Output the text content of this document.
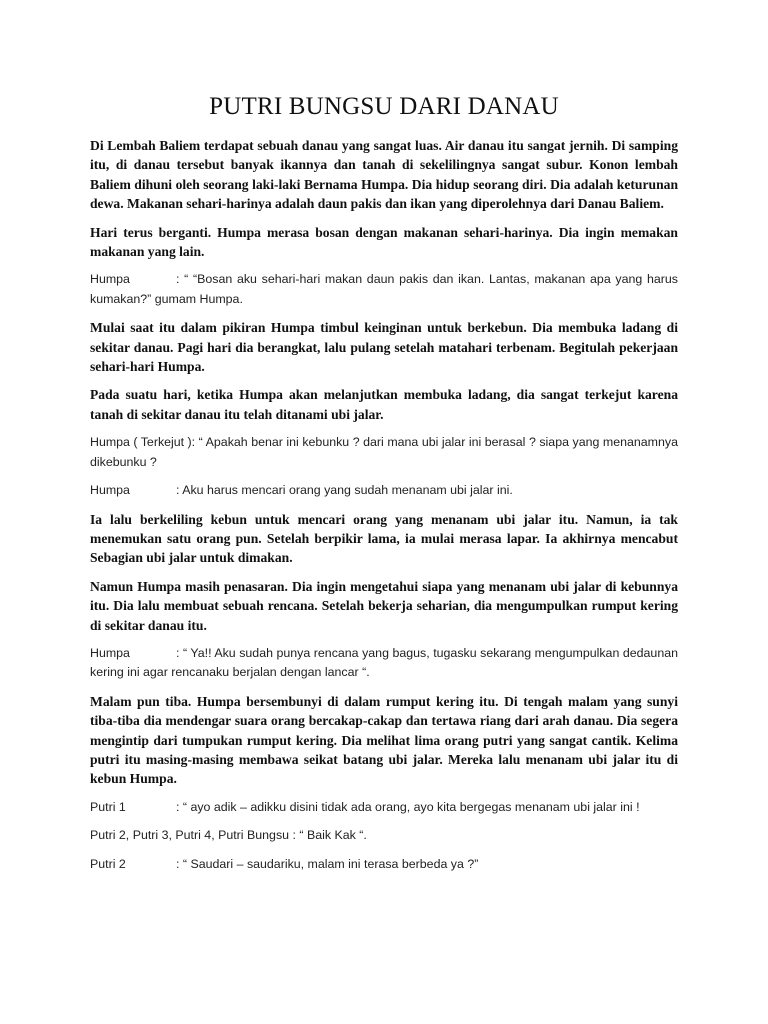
PUTRI BUNGSU DARI DANAU

Di Lembah Baliem terdapat sebuah danau yang sangat luas. Air danau itu sangat jernih. Di samping itu, di danau tersebut banyak ikannya dan tanah di sekelilingnya sangat subur. Konon lembah Baliem dihuni oleh seorang laki-laki Bernama Humpa. Dia hidup seorang diri. Dia adalah keturunan dewa. Makanan sehari-harinya adalah daun pakis dan ikan yang diperolehnya dari Danau Baliem.

Hari terus berganti. Humpa merasa bosan dengan makanan sehari-harinya. Dia ingin memakan makanan yang lain.

Humpa	: “ “Bosan aku sehari-hari makan daun pakis dan ikan. Lantas, makanan apa yang harus kumakan?” gumam Humpa.

Mulai saat itu dalam pikiran Humpa timbul keinginan untuk berkebun. Dia membuka ladang di sekitar danau. Pagi hari dia berangkat, lalu pulang setelah matahari terbenam. Begitulah pekerjaan sehari-hari Humpa.

Pada suatu hari, ketika Humpa akan melanjutkan membuka ladang, dia sangat terkejut karena tanah di sekitar danau itu telah ditanami ubi jalar.

Humpa ( Terkejut ): “ Apakah benar ini kebunku ? dari mana ubi jalar ini berasal ? siapa yang menanamnya dikebunku ?

Humpa	: Aku harus mencari orang yang sudah menanam ubi jalar ini.

Ia lalu berkeliling kebun untuk mencari orang yang menanam ubi jalar itu. Namun, ia tak menemukan satu orang pun. Setelah berpikir lama, ia mulai merasa lapar. Ia akhirnya mencabut Sebagian ubi jalar untuk dimakan.

Namun Humpa masih penasaran. Dia ingin mengetahui siapa yang menanam ubi jalar di kebunnya itu. Dia lalu membuat sebuah rencana. Setelah bekerja seharian, dia mengumpulkan rumput kering di sekitar danau itu.

Humpa	: “ Ya!! Aku sudah punya rencana yang bagus, tugasku sekarang mengumpulkan dedaunan kering ini agar rencanaku berjalan dengan lancar “.

Malam pun tiba. Humpa bersembunyi di dalam rumput kering itu. Di tengah malam yang sunyi tiba-tiba dia mendengar suara orang bercakap-cakap dan tertawa riang dari arah danau. Dia segera mengintip dari tumpukan rumput kering. Dia melihat lima orang putri yang sangat cantik. Kelima putri itu masing-masing membawa seikat batang ubi jalar. Mereka lalu menanam ubi jalar itu di kebun Humpa.

Putri 1	: “ ayo adik – adikku disini tidak ada orang, ayo kita bergegas menanam ubi jalar ini !

Putri 2, Putri 3, Putri 4, Putri Bungsu : “ Baik Kak “.

Putri 2	: “ Saudari – saudariku, malam ini terasa berbeda ya ?”
